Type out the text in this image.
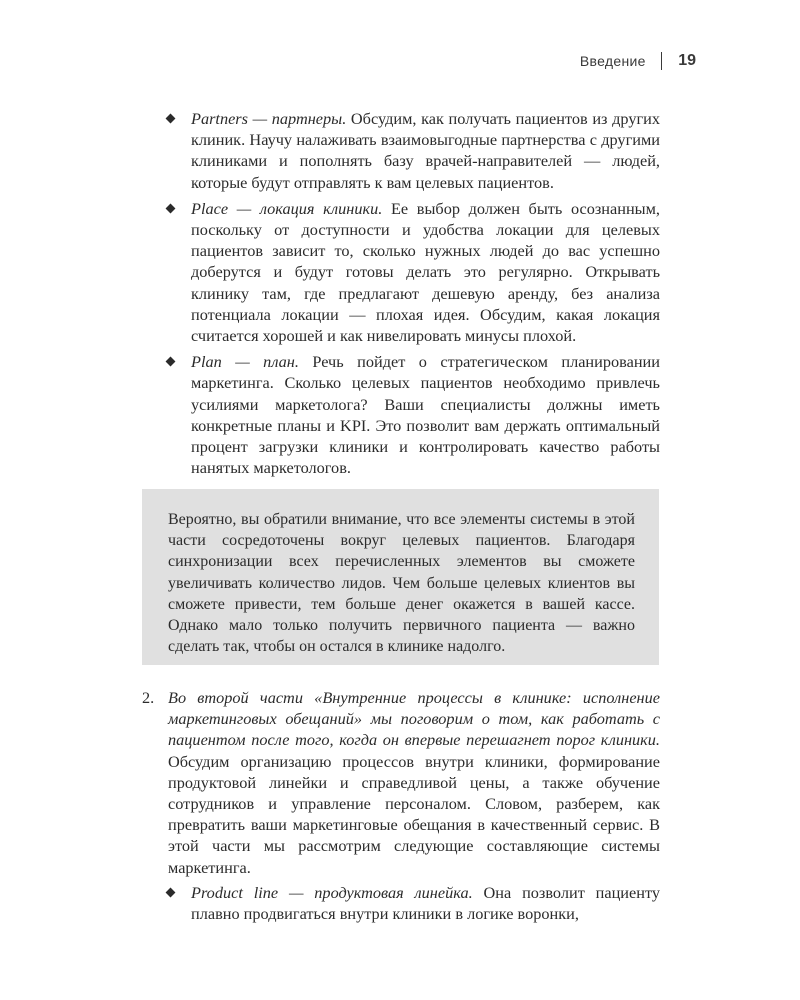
Введение 19
Partners — партнеры. Обсудим, как получать пациентов из других клиник. Научу налаживать взаимовыгодные партнерства с другими клиниками и пополнять базу врачей-направителей — людей, которые будут отправлять к вам целевых пациентов.
Place — локация клиники. Ее выбор должен быть осознанным, поскольку от доступности и удобства локации для целевых пациентов зависит то, сколько нужных людей до вас успешно доберутся и будут готовы делать это регулярно. Открывать клинику там, где предлагают дешевую аренду, без анализа потенциала локации — плохая идея. Обсудим, какая локация считается хорошей и как нивелировать минусы плохой.
Plan — план. Речь пойдет о стратегическом планировании маркетинга. Сколько целевых пациентов необходимо привлечь усилиями маркетолога? Ваши специалисты должны иметь конкретные планы и KPI. Это позволит вам держать оптимальный процент загрузки клиники и контролировать качество работы нанятых маркетологов.
Вероятно, вы обратили внимание, что все элементы системы в этой части сосредоточены вокруг целевых пациентов. Благодаря синхронизации всех перечисленных элементов вы сможете увеличивать количество лидов. Чем больше целевых клиентов вы сможете привести, тем больше денег окажется в вашей кассе. Однако мало только получить первичного пациента — важно сделать так, чтобы он остался в клинике надолго.
2. Во второй части «Внутренние процессы в клинике: исполнение маркетинговых обещаний» мы поговорим о том, как работать с пациентом после того, когда он впервые перешагнет порог клиники. Обсудим организацию процессов внутри клиники, формирование продуктовой линейки и справедливой цены, а также обучение сотрудников и управление персоналом. Словом, разберем, как превратить ваши маркетинговые обещания в качественный сервис. В этой части мы рассмотрим следующие составляющие системы маркетинга.
Product line — продуктовая линейка. Она позволит пациенту плавно продвигаться внутри клиники в логике воронки,
